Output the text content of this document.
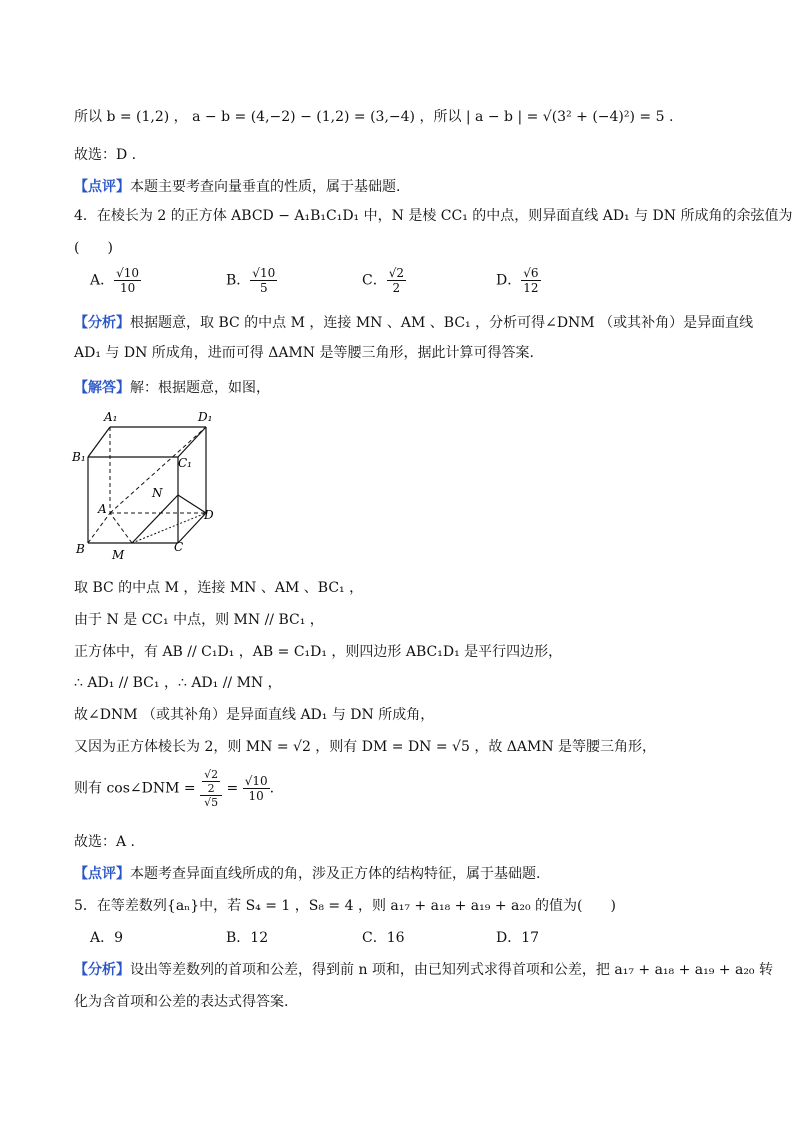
所以 b = (1,2) ， a − b = (4,−2) − (1,2) = (3,−4) ，所以 | a − b | = √(3² + (−4)²) = 5 .
故选：D .
【点评】本题主要考查向量垂直的性质，属于基础题.
4．在棱长为 2 的正方体 ABCD − A₁B₁C₁D₁ 中，N 是棱 CC₁ 的中点，则异面直线 AD₁ 与 DN 所成角的余弦值为
(　　)
A． $\frac{√10}{10}$	B． $\frac{√10}{5}$	C． $\frac{√2}{2}$	D． $\frac{√6}{12}$
【分析】根据题意，取 BC 的中点 M ，连接 MN 、AM 、BC₁ ，分析可得∠DNM （或其补角）是异面直线
AD₁ 与 DN 所成角，进而可得 ΔAMN 是等腰三角形，据此计算可得答案.
【解答】解：根据题意，如图，
A₁	D₁
B₁	C₁
N
A	D
B	C
M
取 BC 的中点 M ，连接 MN 、AM 、BC₁ ，
由于 N 是 CC₁ 中点，则 MN // BC₁ ，
正方体中，有 AB // C₁D₁ ，AB = C₁D₁ ，则四边形 ABC₁D₁ 是平行四边形，
∴ AD₁ // BC₁ ，∴ AD₁ // MN ，
故∠DNM （或其补角）是异面直线 AD₁ 与 DN 所成角，
又因为正方体棱长为 2，则 MN = √2 ，则有 DM = DN = √5 ，故 ΔAMN 是等腰三角形，
则有 cos∠DNM = $\frac{\frac{√2}{2}}{√5} = \frac{√10}{10}$ .
故选：A .
【点评】本题考查异面直线所成的角，涉及正方体的结构特征，属于基础题.
5．在等差数列{aₙ}中，若 S₄ = 1 ，S₈ = 4 ，则 a₁₇ + a₁₈ + a₁₉ + a₂₀ 的值为(　　)
A．9	B．12	C．16	D．17
【分析】设出等差数列的首项和公差，得到前 n 项和，由已知列式求得首项和公差，把 a₁₇ + a₁₈ + a₁₉ + a₂₀ 转
化为含首项和公差的表达式得答案.
